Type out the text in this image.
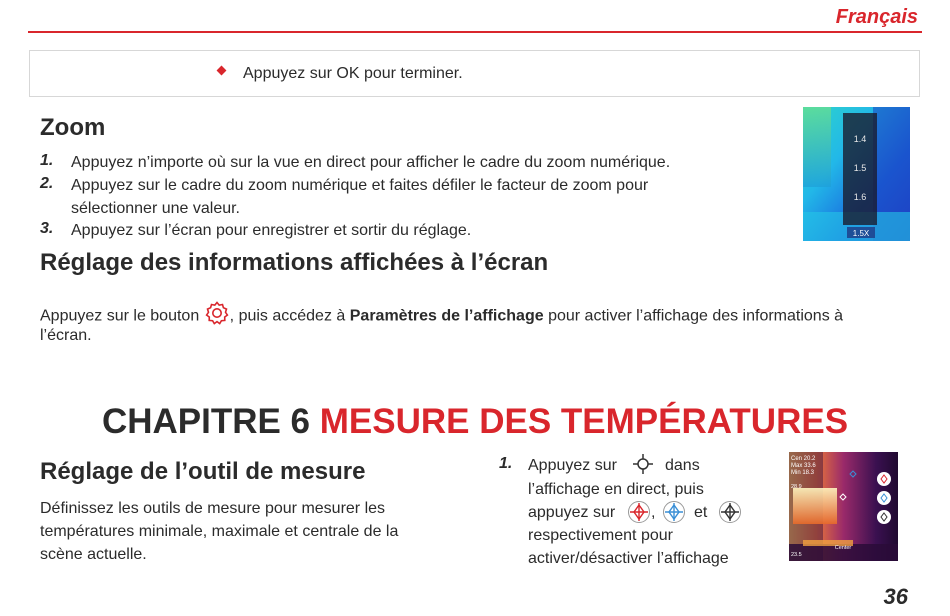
Français
Appuyez sur OK pour terminer.
Zoom
1. Appuyez n’importe où sur la vue en direct pour afficher le cadre du zoom numérique.
2. Appuyez sur le cadre du zoom numérique et faites défiler le facteur de zoom pour
sélectionner une valeur.
3. Appuyez sur l’écran pour enregistrer et sortir du réglage.
1.4
1.5
1.6
1.5X
Réglage des informations affichées à l’écran
Appuyez sur le bouton , puis accédez à Paramètres de l’affichage pour activer l’affichage des informations à
l’écran.
CHAPITRE 6 MESURE DES TEMPÉRATURES
Réglage de l’outil de mesure
Définissez les outils de mesure pour mesurer les
températures minimale, maximale et centrale de la
scène actuelle.
1. Appuyez sur	dans
l’affichage en direct, puis
appuyez sur , et
respectivement pour
activer/désactiver l’affichage
Cen 20.2
Max 33.6
Min 18.3
28.9
23.5
Center
36
